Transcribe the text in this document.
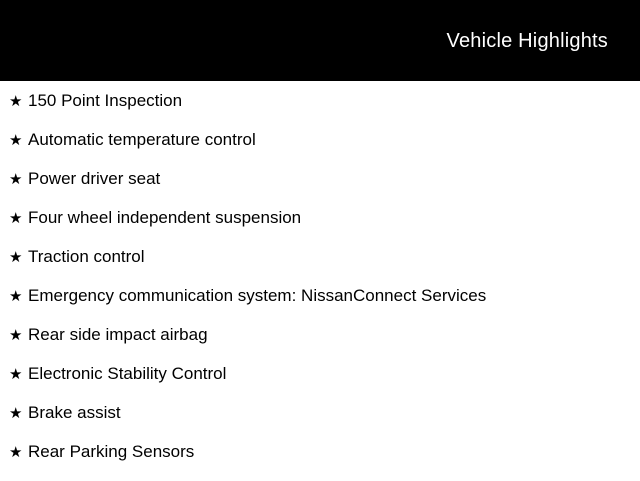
Vehicle Highlights
★ 150 Point Inspection
★ Automatic temperature control
★ Power driver seat
★ Four wheel independent suspension
★ Traction control
★ Emergency communication system: NissanConnect Services
★ Rear side impact airbag
★ Electronic Stability Control
★ Brake assist
★ Rear Parking Sensors
